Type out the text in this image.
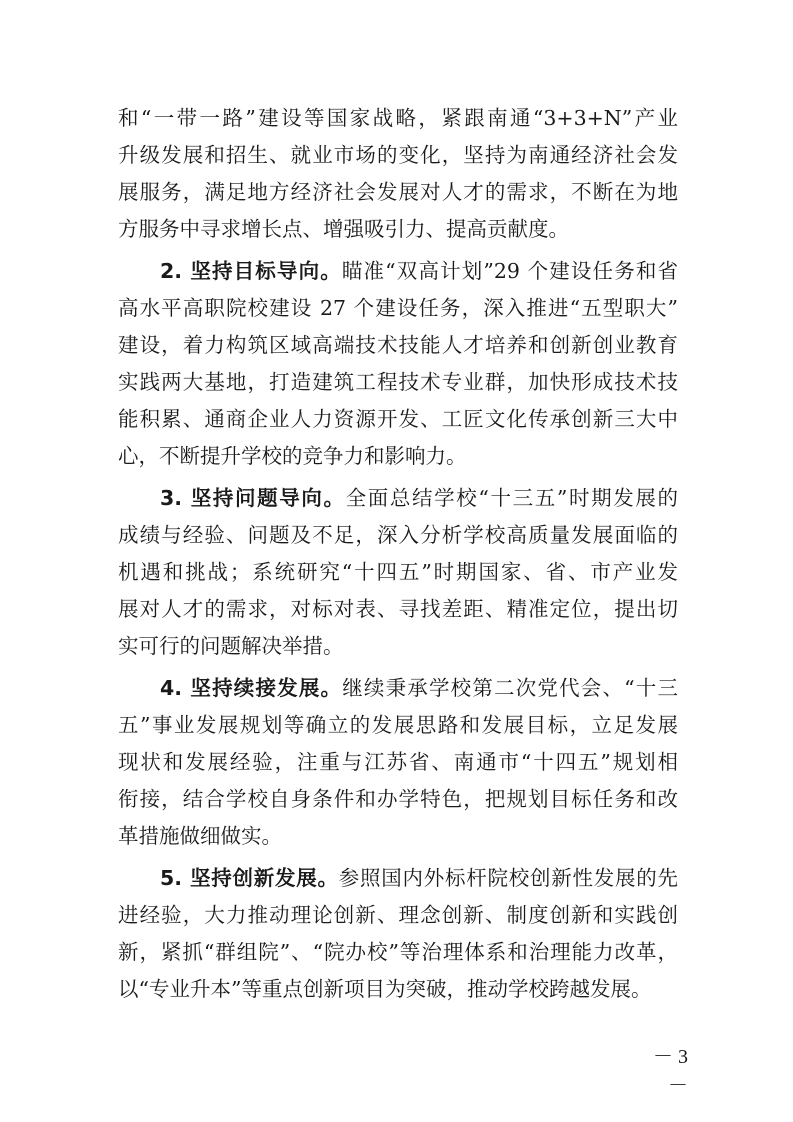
和“一带一路”建设等国家战略，紧跟南通“3+3+N”产业
升级发展和招生、就业市场的变化，坚持为南通经济社会发
展服务，满足地方经济社会发展对人才的需求，不断在为地
方服务中寻求增长点、增强吸引力、提高贡献度。
2. 坚持目标导向。瞄准“双高计划”29 个建设任务和省
高水平高职院校建设 27 个建设任务，深入推进“五型职大”
建设，着力构筑区域高端技术技能人才培养和创新创业教育
实践两大基地，打造建筑工程技术专业群，加快形成技术技
能积累、通商企业人力资源开发、工匠文化传承创新三大中
心，不断提升学校的竞争力和影响力。
3. 坚持问题导向。全面总结学校“十三五”时期发展的
成绩与经验、问题及不足，深入分析学校高质量发展面临的
机遇和挑战；系统研究“十四五”时期国家、省、市产业发
展对人才的需求，对标对表、寻找差距、精准定位，提出切
实可行的问题解决举措。
4. 坚持续接发展。继续秉承学校第二次党代会、“十三
五”事业发展规划等确立的发展思路和发展目标，立足发展
现状和发展经验，注重与江苏省、南通市“十四五”规划相
衔接，结合学校自身条件和办学特色，把规划目标任务和改
革措施做细做实。
5. 坚持创新发展。参照国内外标杆院校创新性发展的先
进经验，大力推动理论创新、理念创新、制度创新和实践创
新，紧抓“群组院”、“院办校”等治理体系和治理能力改革，
以“专业升本”等重点创新项目为突破，推动学校跨越发展。
－ 3 －
